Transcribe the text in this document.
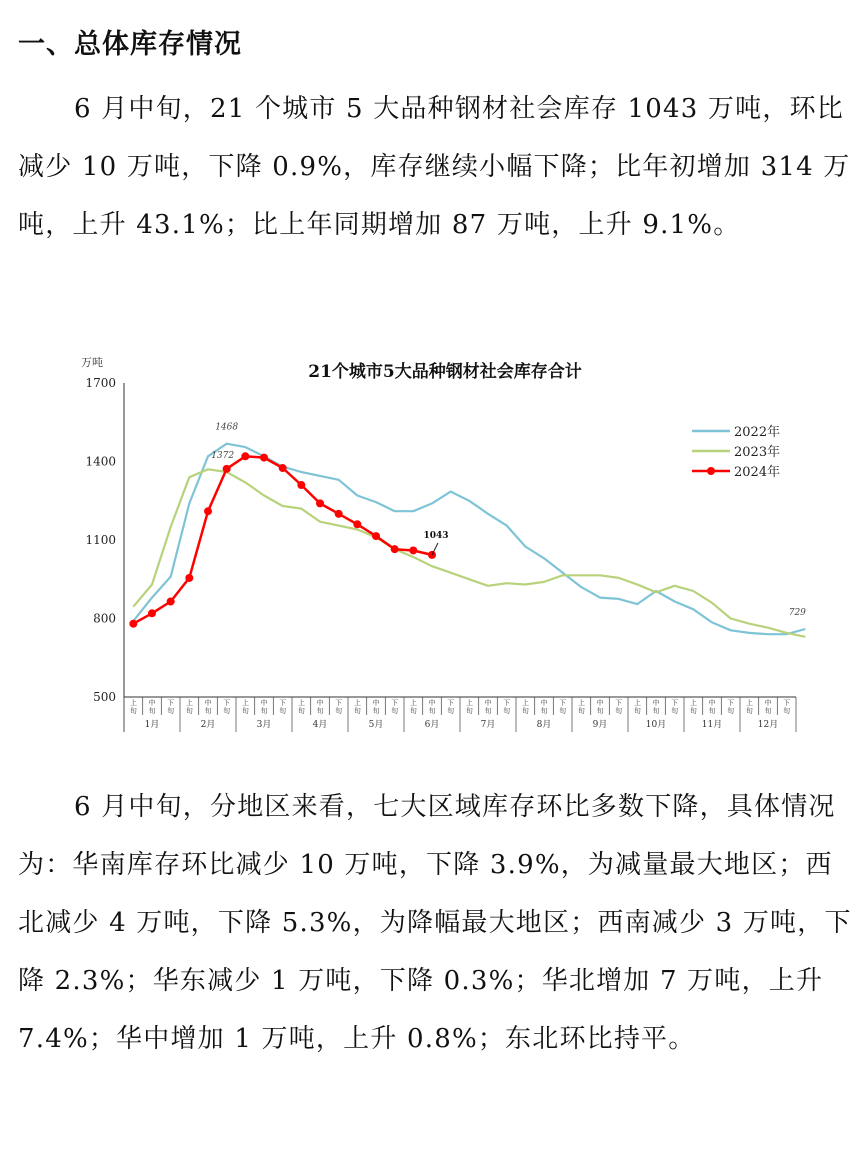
一、总体库存情况

6 月中旬，21 个城市 5 大品种钢材社会库存 1043 万吨，环比减少 10 万吨，下降 0.9%，库存继续小幅下降；比年初增加 314 万吨，上升 43.1%；比上年同期增加 87 万吨，上升 9.1%。

21个城市5大品种钢材社会库存合计
万吨
500
800
1100
1400
1700
上
旬
中
旬
下
旬
上
旬
中
旬
下
旬
上
旬
中
旬
下
旬
上
旬
中
旬
下
旬
上
旬
中
旬
下
旬
上
旬
中
旬
下
旬
上
旬
中
旬
下
旬
上
旬
中
旬
下
旬
上
旬
中
旬
下
旬
上
旬
中
旬
下
旬
上
旬
中
旬
下
旬
上
旬
中
旬
下
旬
1月	2月	3月	4月	5月	6月	7月	8月	9月	10月	11月	12月
1468
1372
1043
729
2022年
2023年
2024年

6 月中旬，分地区来看，七大区域库存环比多数下降，具体情况为：华南库存环比减少 10 万吨，下降 3.9%，为减量最大地区；西北减少 4 万吨，下降 5.3%，为降幅最大地区；西南减少 3 万吨，下降 2.3%；华东减少 1 万吨，下降 0.3%；华北增加 7 万吨，上升 7.4%；华中增加 1 万吨，上升 0.8%；东北环比持平。
